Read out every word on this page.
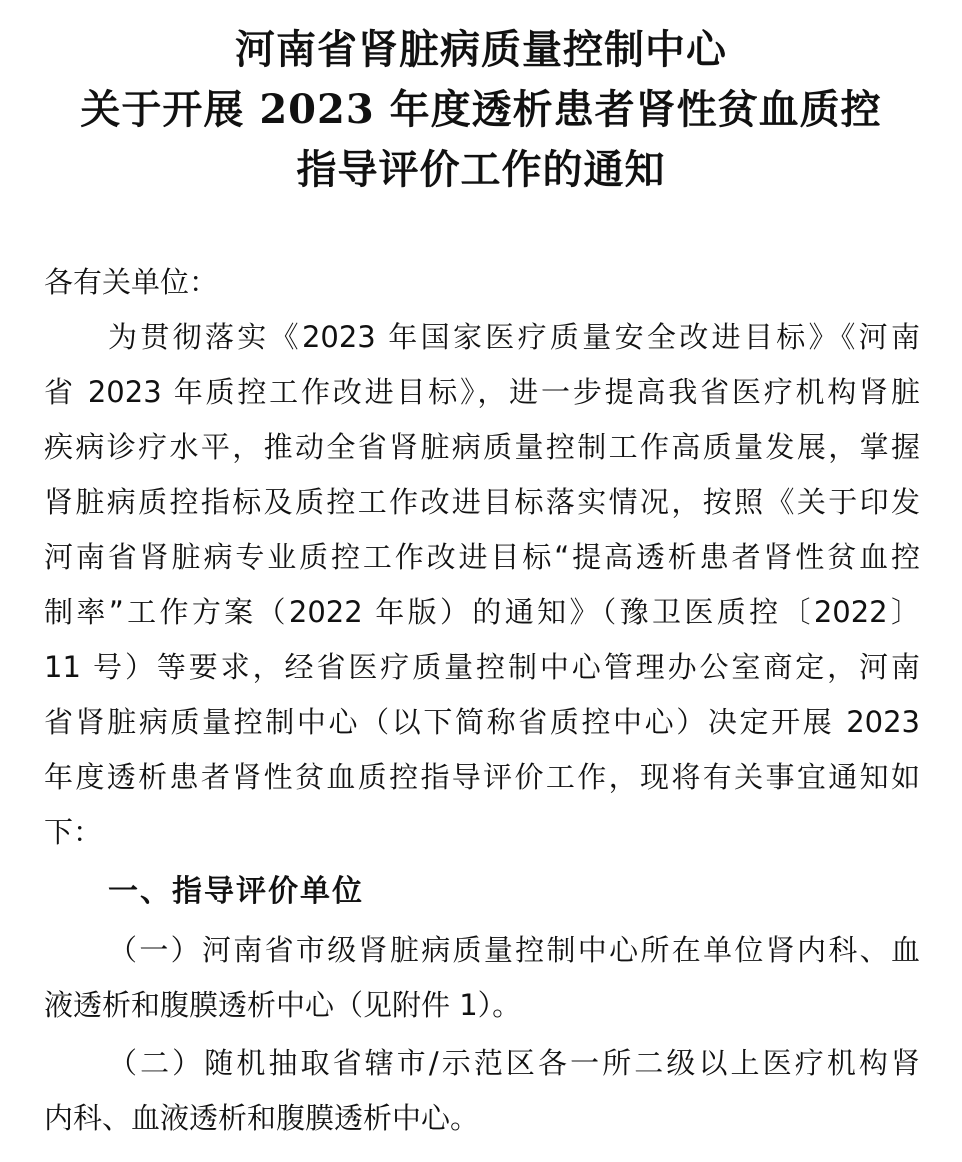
河南省肾脏病质量控制中心
关于开展 2023 年度透析患者肾性贫血质控
指导评价工作的通知
各有关单位：
为贯彻落实《2023 年国家医疗质量安全改进目标》《河南
省 2023 年质控工作改进目标》，进一步提高我省医疗机构肾脏
疾病诊疗水平，推动全省肾脏病质量控制工作高质量发展，掌握
肾脏病质控指标及质控工作改进目标落实情况，按照《关于印发
河南省肾脏病专业质控工作改进目标“提高透析患者肾性贫血控
制率”工作方案（2022 年版）的通知》（豫卫医质控〔2022〕
11 号）等要求，经省医疗质量控制中心管理办公室商定，河南
省肾脏病质量控制中心（以下简称省质控中心）决定开展 2023
年度透析患者肾性贫血质控指导评价工作，现将有关事宜通知如
下：
一、指导评价单位
（一）河南省市级肾脏病质量控制中心所在单位肾内科、血
液透析和腹膜透析中心（见附件 1）。
（二）随机抽取省辖市/示范区各一所二级以上医疗机构肾
内科、血液透析和腹膜透析中心。
